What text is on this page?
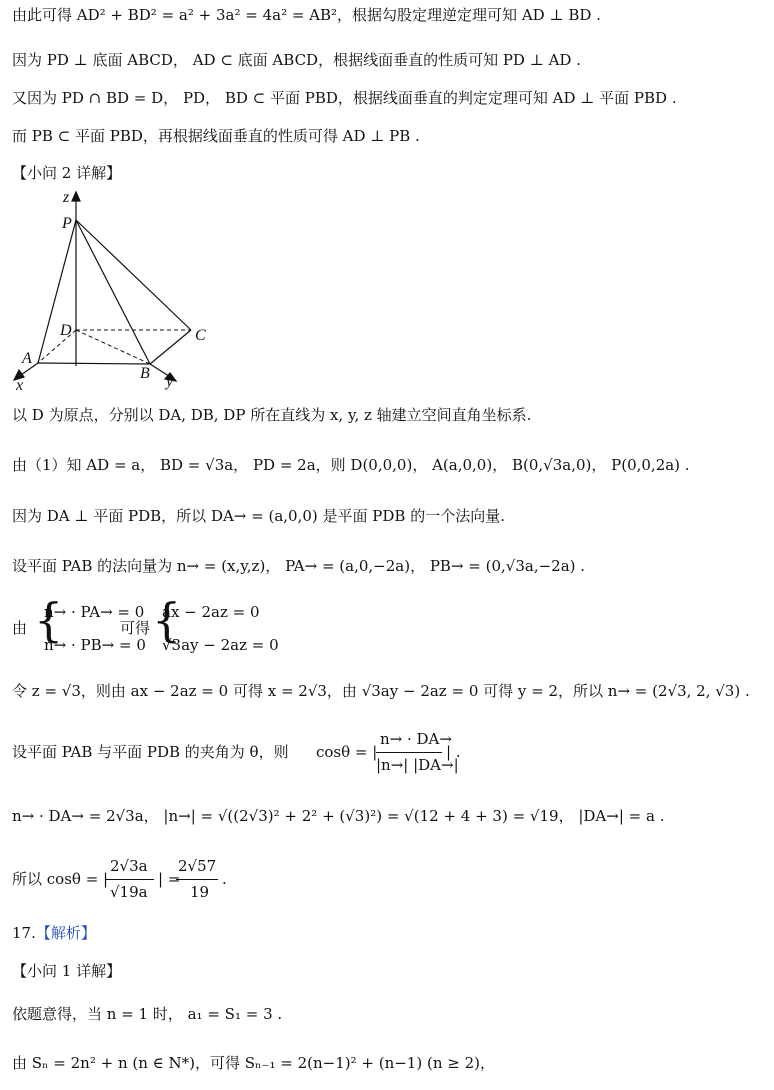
由此可得 AD² + BD² = a² + 3a² = 4a² = AB²，根据勾股定理逆定理可知 AD ⊥ BD .
因为 PD ⊥ 底面 ABCD， AD ⊂ 底面 ABCD，根据线面垂直的性质可知 PD ⊥ AD .
又因为 PD ∩ BD = D， PD， BD ⊂ 平面 PBD，根据线面垂直的判定定理可知 AD ⊥ 平面 PBD .
而 PB ⊂ 平面 PBD，再根据线面垂直的性质可得 AD ⊥ PB .
【小问 2 详解】
z
P
D	C
A
B
x	y
以 D 为原点，分别以 DA, DB, DP 所在直线为 x, y, z 轴建立空间直角坐标系.
由（1）知 AD = a， BD = √3a， PD = 2a，则 D(0,0,0)， A(a,0,0)， B(0,√3a,0)， P(0,0,2a) .
因为 DA ⊥ 平面 PDB，所以 DA→ = (a,0,0) 是平面 PDB 的一个法向量.
设平面 PAB 的法向量为 n→ = (x,y,z)， PA→ = (a,0,−2a)， PB→ = (0,√3a,−2a) .
由 {
n→ · PA→ = 0
n→ · PB→ = 0
可得 {
ax − 2az = 0
√3ay − 2az = 0
令 z = √3，则由 ax − 2az = 0 可得 x = 2√3，由 √3ay − 2az = 0 可得 y = 2，所以 n→ = (2√3, 2, √3) .
设平面 PAB 与平面 PDB 的夹角为 θ，则 cosθ = |
n→ · DA→
|n→| |DA→|
| .
n→ · DA→ = 2√3a， |n→| = √((2√3)² + 2² + (√3)²) = √(12 + 4 + 3) = √19， |DA→| = a .
所以 cosθ = |
2√3a
√19a
| =
2√57
19
.
17.【解析】
【小问 1 详解】
依题意得，当 n = 1 时， a₁ = S₁ = 3 .
由 Sₙ = 2n² + n (n ∈ N*)，可得 Sₙ₋₁ = 2(n−1)² + (n−1) (n ≥ 2)，
